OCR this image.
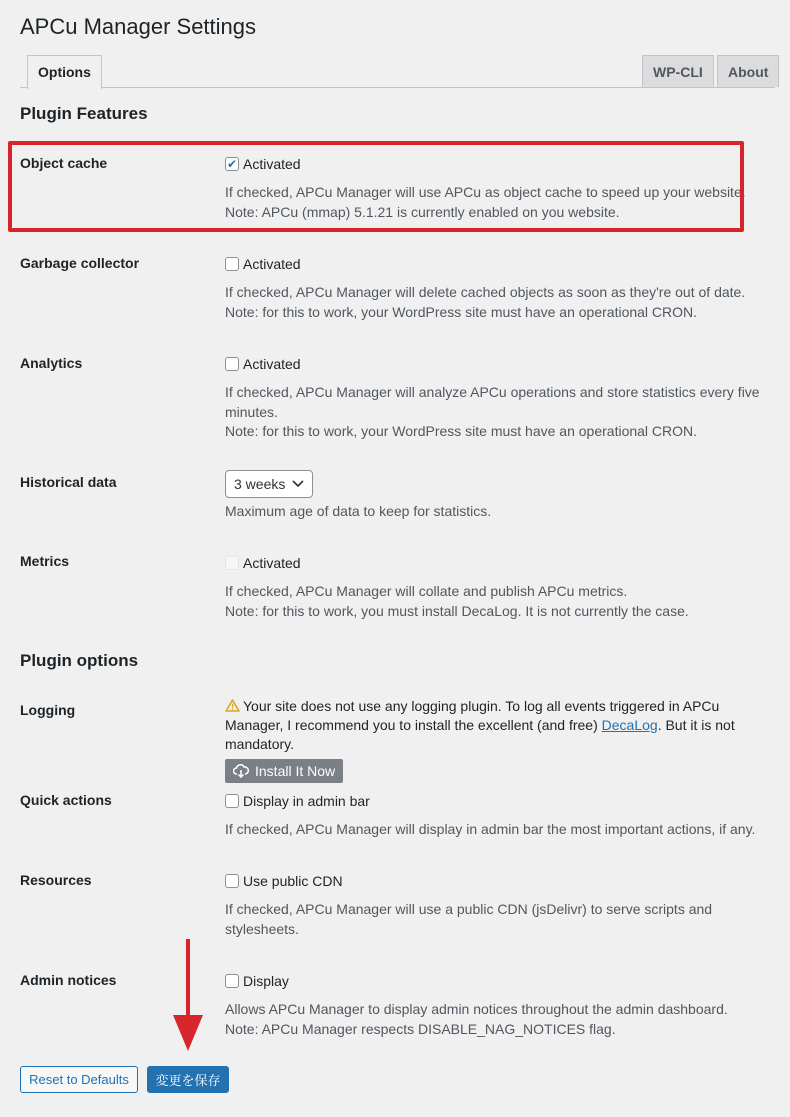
APCu Manager Settings
Options	WP-CLI	About
Plugin Features
Object cache	✔ Activated

If checked, APCu Manager will use APCu as object cache to speed up your website.

Note: APCu (mmap) 5.1.21 is currently enabled on you website.

Garbage collector	Activated

If checked, APCu Manager will delete cached objects as soon as they're out of date.

Note: for this to work, your WordPress site must have an operational CRON.

Analytics	Activated

If checked, APCu Manager will analyze APCu operations and store statistics every five minutes.

Note: for this to work, your WordPress site must have an operational CRON.

Historical data	3 weeks
Maximum age of data to keep for statistics.
Metrics	Activated

If checked, APCu Manager will collate and publish APCu metrics.

Note: for this to work, you must install DecaLog. It is not currently the case.

Plugin options
Logging	Your site does not use any logging plugin. To log all events triggered in APCu Manager, I recommend you to install the excellent (and free) DecaLog. But it is not mandatory.
Install It Now
Quick actions	Display in admin bar
If checked, APCu Manager will display in admin bar the most important actions, if any.
Resources	Use public CDN
If checked, APCu Manager will use a public CDN (jsDelivr) to serve scripts and stylesheets.
Admin notices	Display

Allows APCu Manager to display admin notices throughout the admin dashboard.

Note: APCu Manager respects DISABLE_NAG_NOTICES flag.

Reset to Defaults	変更を保存
